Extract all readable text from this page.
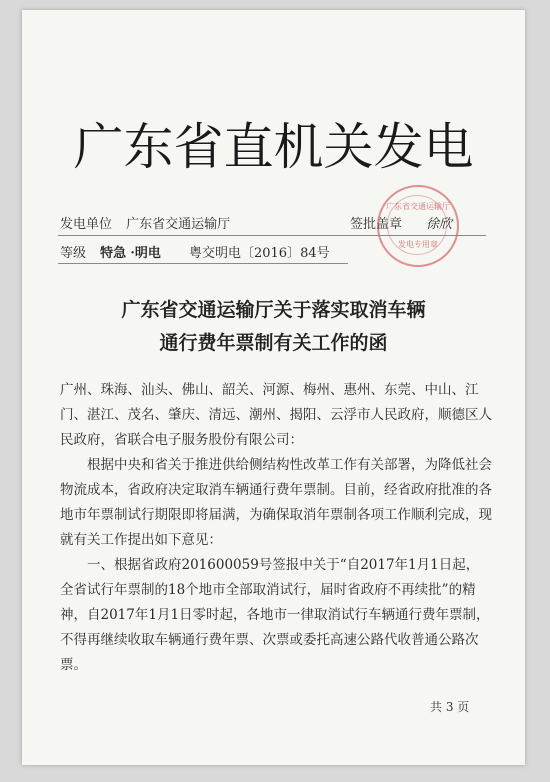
广东省直机关发电
广东省交通运输厅
发电专用章
发电单位 广东省交通运输厅	签批盖章 徐欣
等级 特急 ·明电 粤交明电〔2016〕84号
广东省交通运输厅关于落实取消车辆
通行费年票制有关工作的函

广州、珠海、汕头、佛山、韶关、河源、梅州、惠州、东莞、中山、江门、湛江、茂名、肇庆、清远、潮州、揭阳、云浮市人民政府，顺德区人民政府，省联合电子服务股份有限公司：

根据中央和省关于推进供给侧结构性改革工作有关部署，为降低社会物流成本，省政府决定取消车辆通行费年票制。目前，经省政府批准的各地市年票制试行期限即将届满，为确保取消年票制各项工作顺利完成，现就有关工作提出如下意见：

一、根据省政府201600059号签报中关于“自2017年1月1日起，全省试行年票制的18个地市全部取消试行，届时省政府不再续批”的精神，自2017年1月1日零时起，各地市一律取消试行车辆通行费年票制，不得再继续收取车辆通行费年票、次票或委托高速公路代收普通公路次票。

共 3 页
